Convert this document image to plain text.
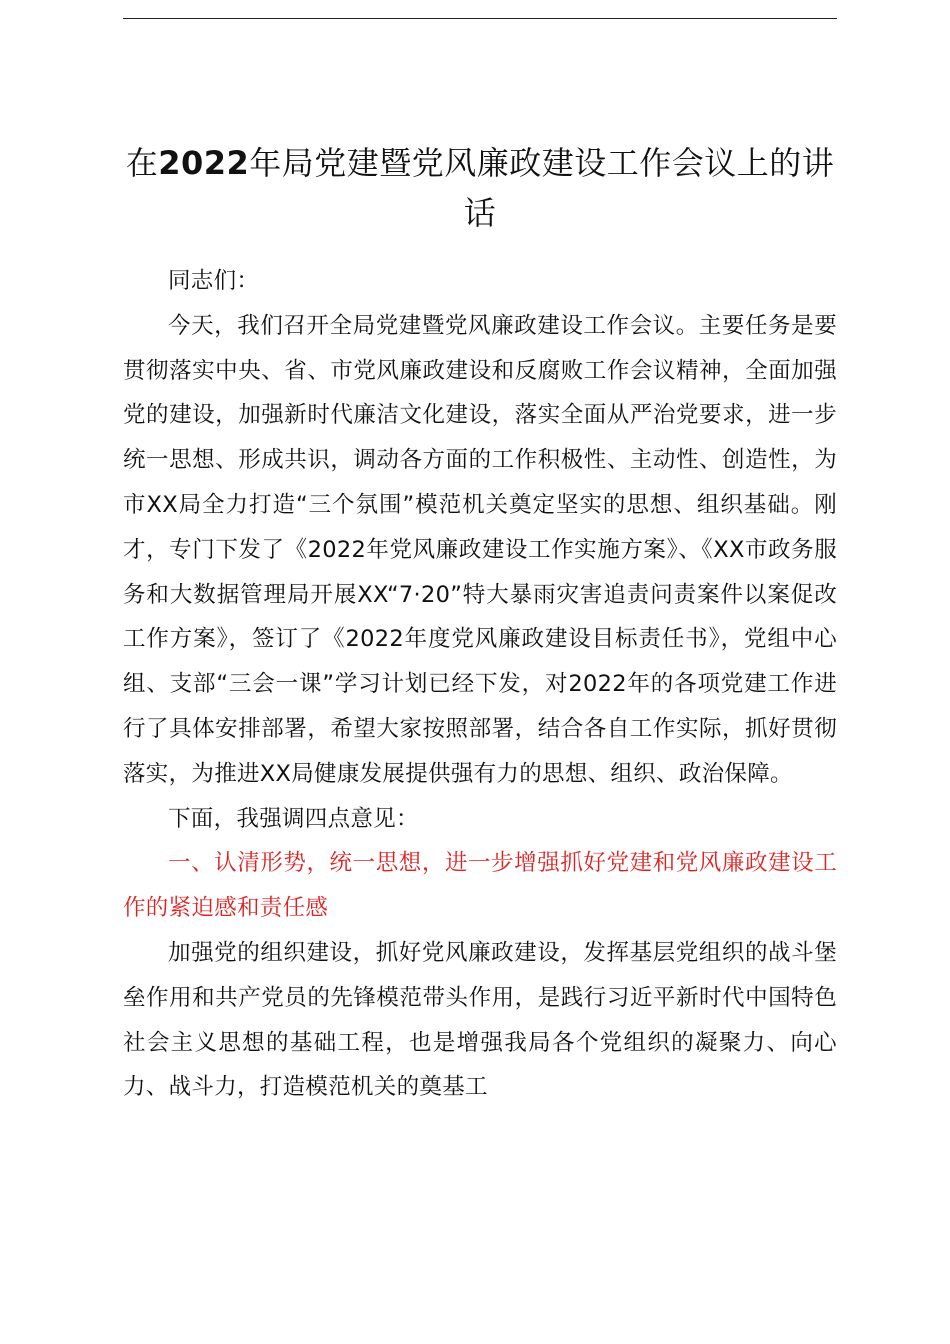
在2022年局党建暨党风廉政建设工作会议上的讲话

同志们：

今天，我们召开全局党建暨党风廉政建设工作会议。主要任务是要贯彻落实中央、省、市党风廉政建设和反腐败工作会议精神，全面加强党的建设，加强新时代廉洁文化建设，落实全面从严治党要求，进一步统一思想、形成共识，调动各方面的工作积极性、主动性、创造性，为市XX局全力打造“三个氛围”模范机关奠定坚实的思想、组织基础。刚才，专门下发了《2022年党风廉政建设工作实施方案》、《XX市政务服务和大数据管理局开展XX“7·20”特大暴雨灾害追责问责案件以案促改工作方案》，签订了《2022年度党风廉政建设目标责任书》，党组中心组、支部“三会一课”学习计划已经下发，对2022年的各项党建工作进行了具体安排部署，希望大家按照部署，结合各自工作实际，抓好贯彻落实，为推进XX局健康发展提供强有力的思想、组织、政治保障。

下面，我强调四点意见：

一、认清形势，统一思想，进一步增强抓好党建和党风廉政建设工作的紧迫感和责任感

加强党的组织建设，抓好党风廉政建设，发挥基层党组织的战斗堡垒作用和共产党员的先锋模范带头作用，是践行习近平新时代中国特色社会主义思想的基础工程，也是增强我局各个党组织的凝聚力、向心力、战斗力，打造模范机关的奠基工
